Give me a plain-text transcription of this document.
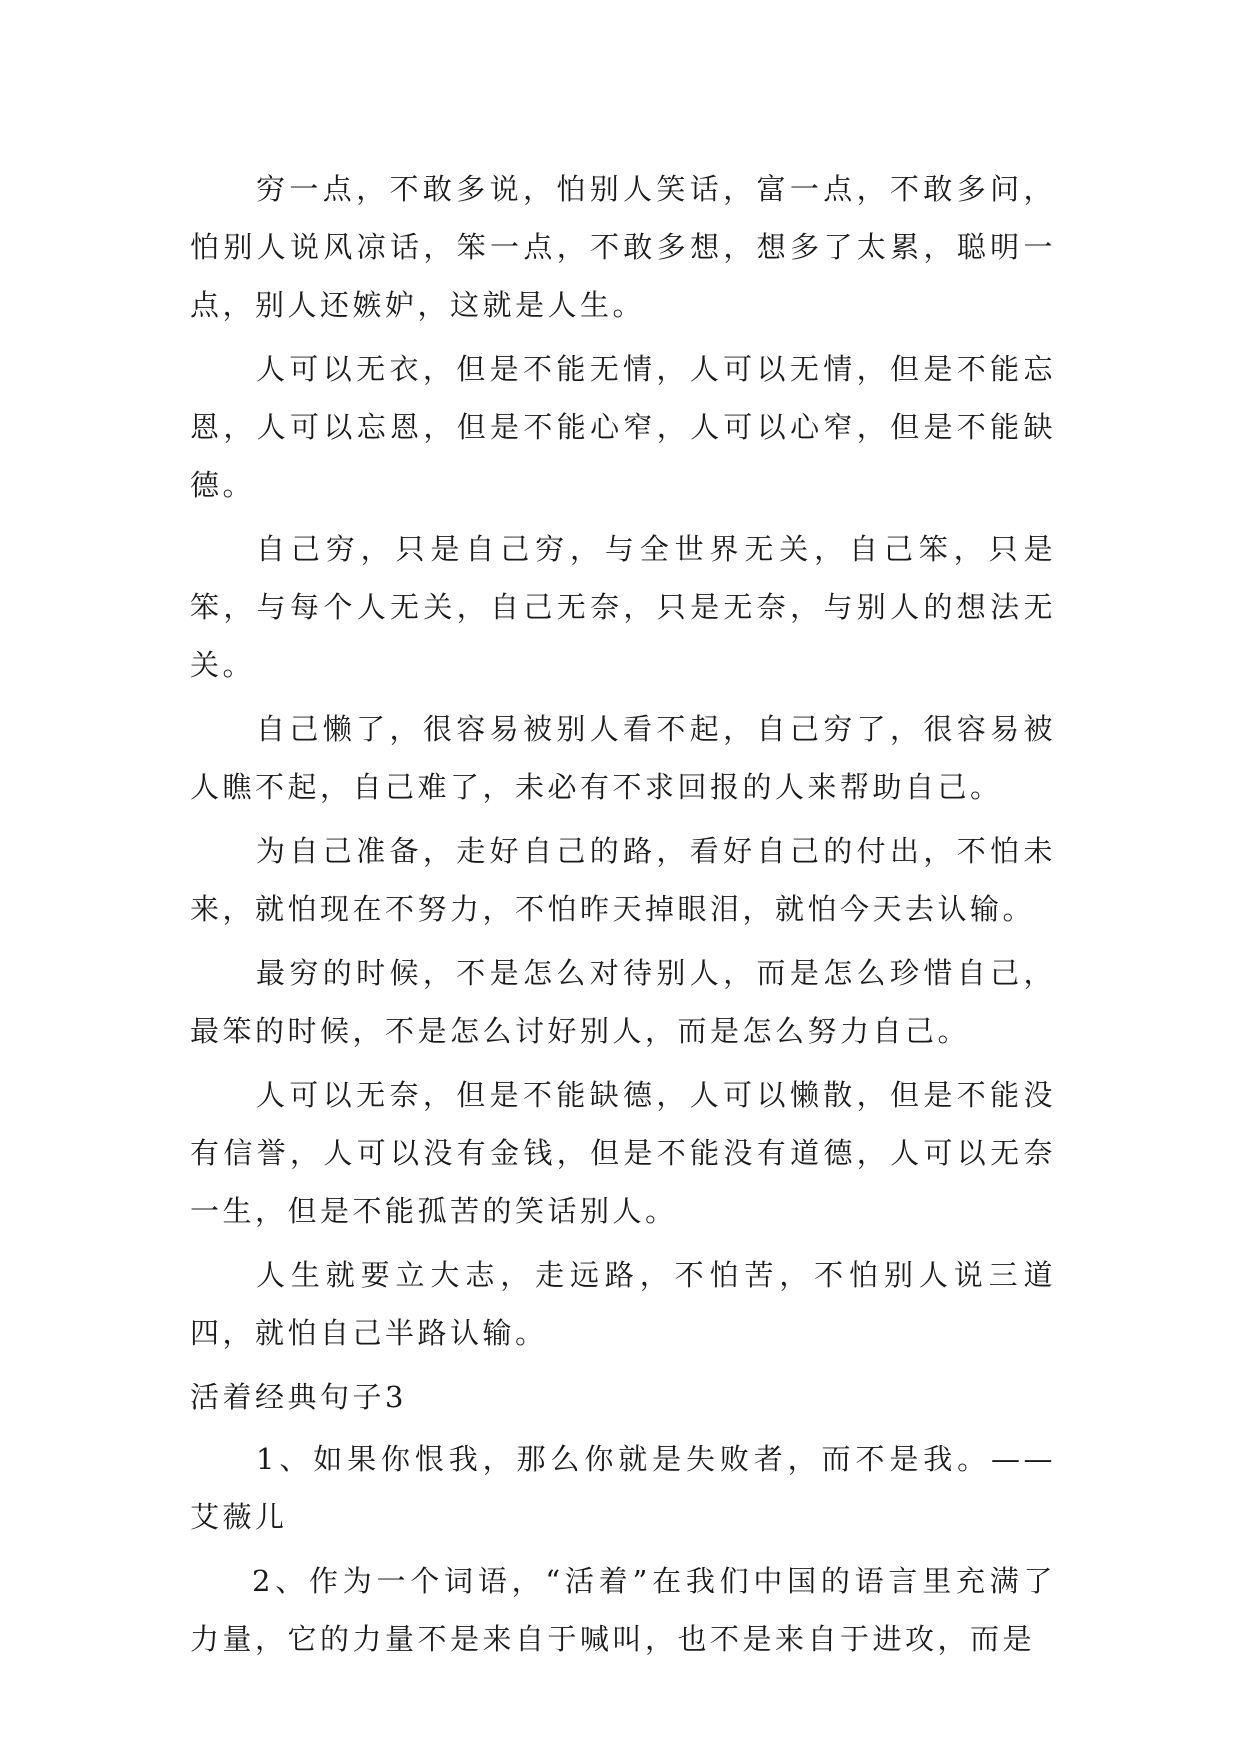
穷一点，不敢多说，怕别人笑话，富一点，不敢多问，怕别人说风凉话，笨一点，不敢多想，想多了太累，聪明一点，别人还嫉妒，这就是人生。

人可以无衣，但是不能无情，人可以无情，但是不能忘恩，人可以忘恩，但是不能心窄，人可以心窄，但是不能缺德。

自己穷，只是自己穷，与全世界无关，自己笨，只是笨，与每个人无关，自己无奈，只是无奈，与别人的想法无关。

自己懒了，很容易被别人看不起，自己穷了，很容易被人瞧不起，自己难了，未必有不求回报的人来帮助自己。

为自己准备，走好自己的路，看好自己的付出，不怕未来，就怕现在不努力，不怕昨天掉眼泪，就怕今天去认输。

最穷的时候，不是怎么对待别人，而是怎么珍惜自己，最笨的时候，不是怎么讨好别人，而是怎么努力自己。

人可以无奈，但是不能缺德，人可以懒散，但是不能没有信誉，人可以没有金钱，但是不能没有道德，人可以无奈一生，但是不能孤苦的笑话别人。

人生就要立大志，走远路，不怕苦，不怕别人说三道四，就怕自己半路认输。

活着经典句子3

1、如果你恨我，那么你就是失败者，而不是我。——艾薇儿

2、作为一个词语，“活着”在我们中国的语言里充满了力量，它的力量不是来自于喊叫，也不是来自于进攻，而是
